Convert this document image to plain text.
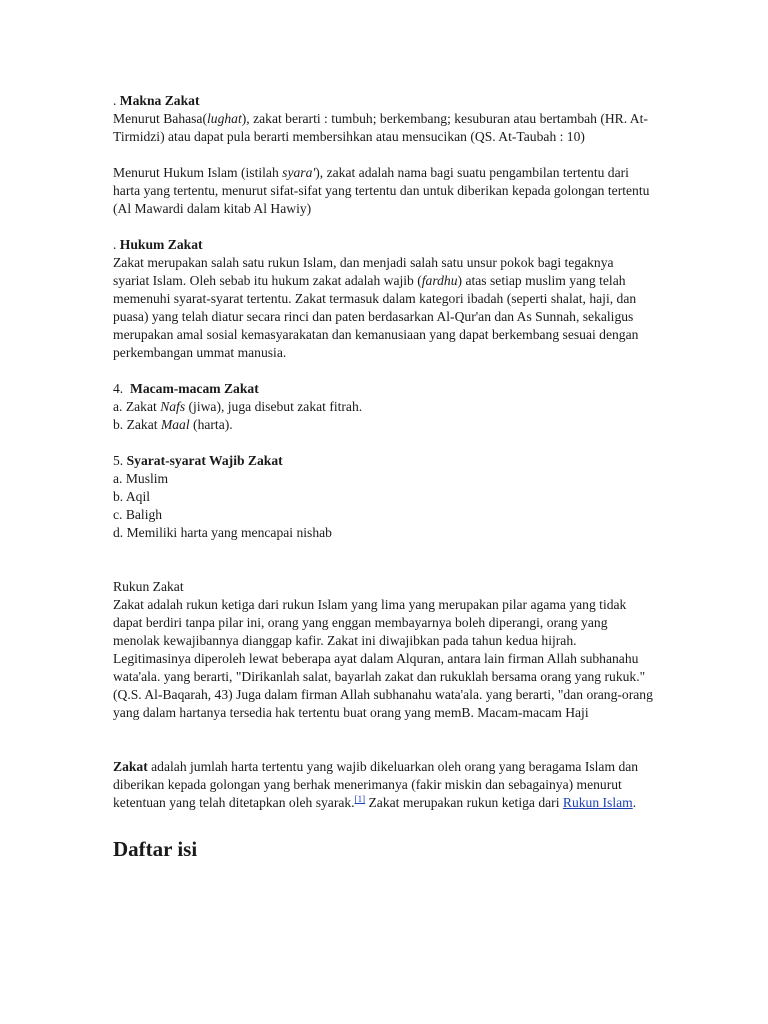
. Makna Zakat

Menurut Bahasa(lughat), zakat berarti : tumbuh; berkembang; kesuburan atau bertambah (HR. At-Tirmidzi) atau dapat pula berarti membersihkan atau mensucikan (QS. At-Taubah : 10)

Menurut Hukum Islam (istilah syara'), zakat adalah nama bagi suatu pengambilan tertentu dari harta yang tertentu, menurut sifat-sifat yang tertentu dan untuk diberikan kepada golongan tertentu (Al Mawardi dalam kitab Al Hawiy)

. Hukum Zakat

Zakat merupakan salah satu rukun Islam, dan menjadi salah satu unsur pokok bagi tegaknya syariat Islam. Oleh sebab itu hukum zakat adalah wajib (fardhu) atas setiap muslim yang telah memenuhi syarat-syarat tertentu. Zakat termasuk dalam kategori ibadah (seperti shalat, haji, dan puasa) yang telah diatur secara rinci dan paten berdasarkan Al-Qur'an dan As Sunnah, sekaligus merupakan amal sosial kemasyarakatan dan kemanusiaan yang dapat berkembang sesuai dengan perkembangan ummat manusia.

4.  Macam-macam Zakat

a. Zakat Nafs (jiwa), juga disebut zakat fitrah.

b. Zakat Maal (harta).

5. Syarat-syarat Wajib Zakat

a. Muslim

b. Aqil

c. Baligh

d. Memiliki harta yang mencapai nishab

Rukun Zakat

Zakat adalah rukun ketiga dari rukun Islam yang lima yang merupakan pilar agama yang tidak dapat berdiri tanpa pilar ini, orang yang enggan membayarnya boleh diperangi, orang yang menolak kewajibannya dianggap kafir. Zakat ini diwajibkan pada tahun kedua hijrah.

Legitimasinya diperoleh lewat beberapa ayat dalam Alquran, antara lain firman Allah subhanahu wata'ala. yang berarti, "Dirikanlah salat, bayarlah zakat dan rukuklah bersama orang yang rukuk." (Q.S. Al-Baqarah, 43) Juga dalam firman Allah subhanahu wata'ala. yang berarti, "dan orang-orang yang dalam hartanya tersedia hak tertentu buat orang yang memB. Macam-macam Haji

Zakat adalah jumlah harta tertentu yang wajib dikeluarkan oleh orang yang beragama Islam dan diberikan kepada golongan yang berhak menerimanya (fakir miskin dan sebagainya) menurut ketentuan yang telah ditetapkan oleh syarak.[1] Zakat merupakan rukun ketiga dari Rukun Islam.

Daftar isi
